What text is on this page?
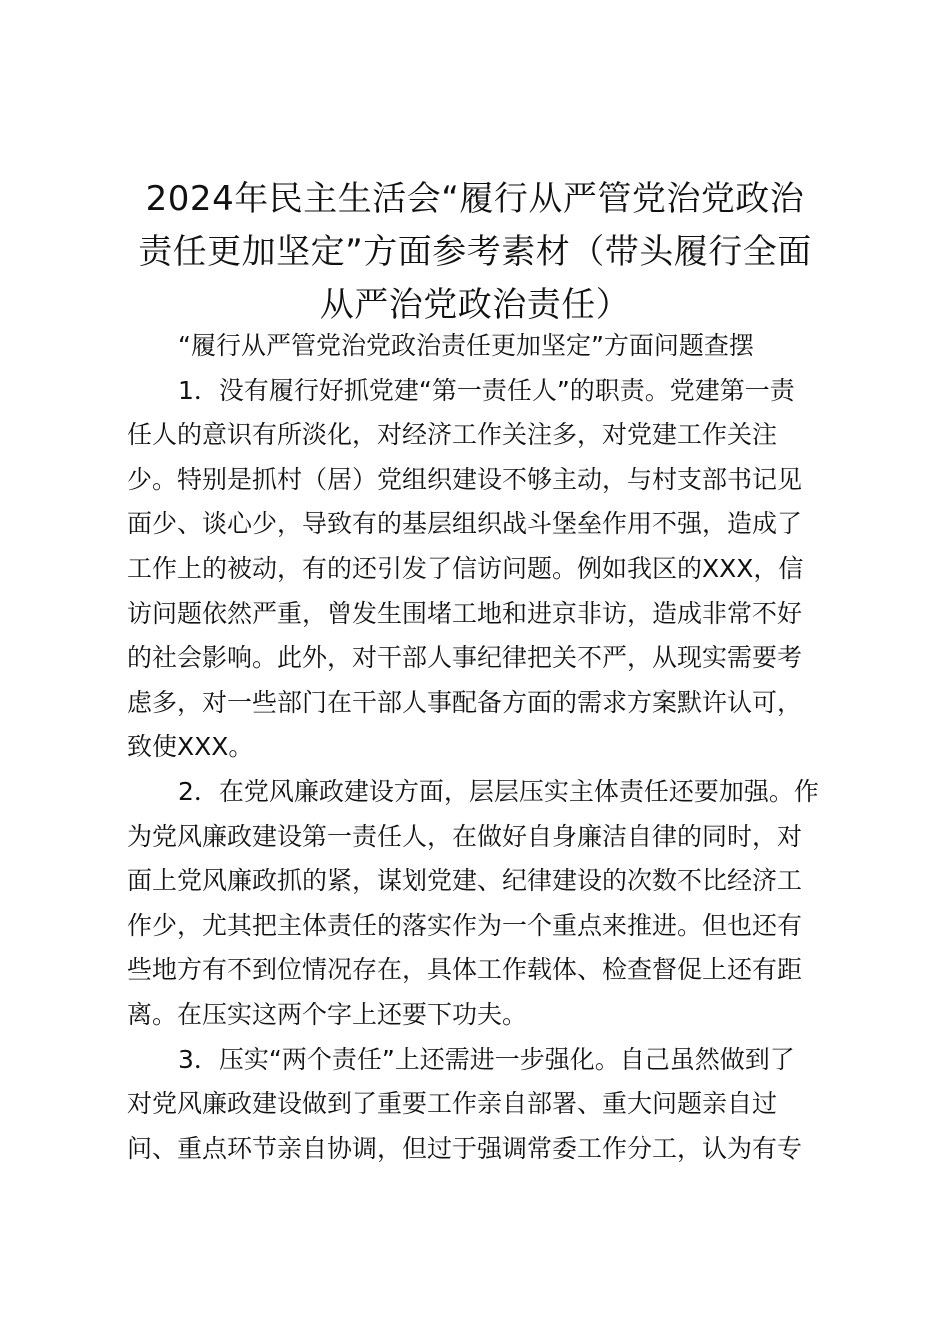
2024年民主生活会“履行从严管党治党政治
责任更加坚定”方面参考素材（带头履行全面
从严治党政治责任）
“履行从严管党治党政治责任更加坚定”方面问题查摆
1．没有履行好抓党建“第一责任人”的职责。党建第一责
任人的意识有所淡化，对经济工作关注多，对党建工作关注
少。特别是抓村（居）党组织建设不够主动，与村支部书记见
面少、谈心少，导致有的基层组织战斗堡垒作用不强，造成了
工作上的被动，有的还引发了信访问题。例如我区的XXX，信
访问题依然严重，曾发生围堵工地和进京非访，造成非常不好
的社会影响。此外，对干部人事纪律把关不严，从现实需要考
虑多，对一些部门在干部人事配备方面的需求方案默许认可，
致使XXX。
2．在党风廉政建设方面，层层压实主体责任还要加强。作
为党风廉政建设第一责任人，在做好自身廉洁自律的同时，对
面上党风廉政抓的紧，谋划党建、纪律建设的次数不比经济工
作少，尤其把主体责任的落实作为一个重点来推进。但也还有
些地方有不到位情况存在，具体工作载体、检查督促上还有距
离。在压实这两个字上还要下功夫。
3．压实“两个责任”上还需进一步强化。自己虽然做到了
对党风廉政建设做到了重要工作亲自部署、重大问题亲自过
问、重点环节亲自协调，但过于强调常委工作分工，认为有专
